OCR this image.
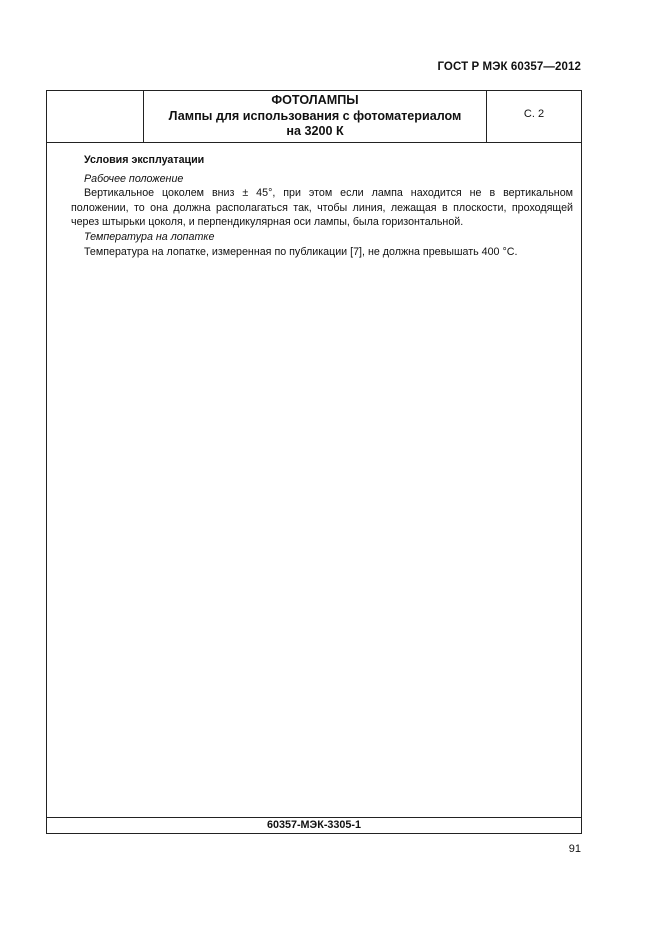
ГОСТ Р МЭК 60357—2012
ФОТОЛАМПЫ
Лампы для использования с фотоматериалом
на 3200 К
С. 2
Условия эксплуатации
Рабочее положение

Вертикальное цоколем вниз ± 45°, при этом если лампа находится не в вертикальном положении, то она должна располагаться так, чтобы линия, лежащая в плоскости, проходящей через штырьки цоколя, и перпендикулярная оси лампы, была горизонтальной.

Температура на лопатке

Температура на лопатке, измеренная по публикации [7], не должна превышать 400 °С.

60357-МЭК-3305-1
91
